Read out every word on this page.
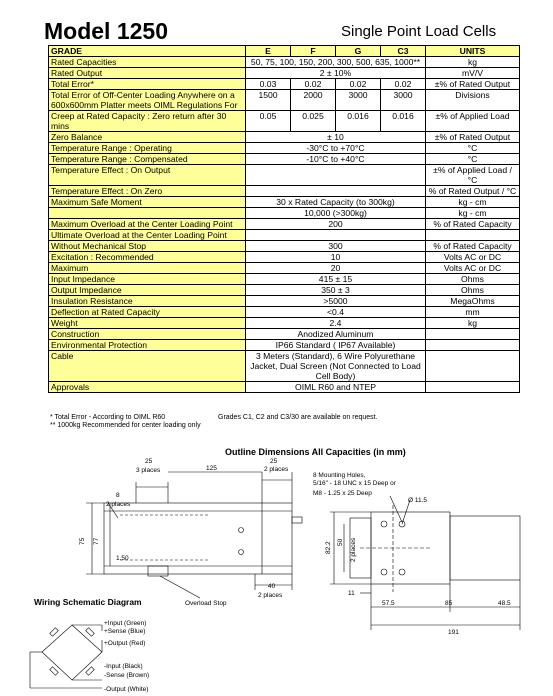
Model 1250	Single Point Load Cells
GRADE	E	F	G	C3	UNITS
Rated Capacities	50, 75, 100, 150, 200, 300, 500, 635, 1000**				kg
Rated Output	2 ± 10%				mV/V
Total Error*	0.03	0.02	0.02	0.02	±% of Rated Output
Total Error of Off-Center Loading Anywhere on a 600x600mm Platter meets OIML Regulations For	1500	2000	3000	3000	Divisions
Creep at Rated Capacity : Zero return after 30 mins	0.05	0.025	0.016	0.016	±% of Applied Load
Zero Balance	± 10				±% of Rated Output
Temperature Range : Operating	-30°C to +70°C				°C
Temperature Range : Compensated	-10°C to +40°C				°C
Temperature Effect : On Output					±% of Applied Load / °C
Temperature Effect : On Zero					% of Rated Output / °C
Maximum Safe Moment	30 x Rated Capacity (to 300kg)				kg - cm
	10,000 (>300kg)				kg - cm
Maximum Overload at the Center Loading Point	200				% of Rated Capacity
Ultimate Overload at the Center Loading Point					
Without Mechanical Stop	300				% of Rated Capacity
Excitation : Recommended	10				Volts AC or DC
Maximum	20				Volts AC or DC
Input Impedance	415 ± 15				Ohms
Output Impedance	350 ± 3				Ohms
Insulation Resistance	>5000				MegaOhms
Deflection at Rated Capacity	<0.4				mm
Weight	2.4				kg
Construction	Anodized Aluminum				
Environmental Protection	IP66 Standard ( IP67 Available)				
Cable	3 Meters (Standard), 6 Wire Polyurethane Jacket, Dual Screen (Not Connected to Load Cell Body)				
Approvals	OIML R60 and NTEP				
* Total Error - According to OIML R60	Grades C1, C2 and C3/30 are available on request.
** 1000kg Recommended for center loading only
Outline Dimensions All Capacities (in mm)
Wiring Schematic Diagram
25
3 places	125
25
2 places
8
2 places
75 77
1.50
40
2 places
Overload Stop
8 Mounting Holes,
5/16" - 18 UNC x 15 Deep or
M8 - 1.25 x 25 Deep
Ø 11.5
82.2 50 2 places
11
57.5	85	48.5
191
+Input (Green)
+Sense (Blue)
+Output (Red)
-Input (Black)
-Sense (Brown)
-Output (White)
